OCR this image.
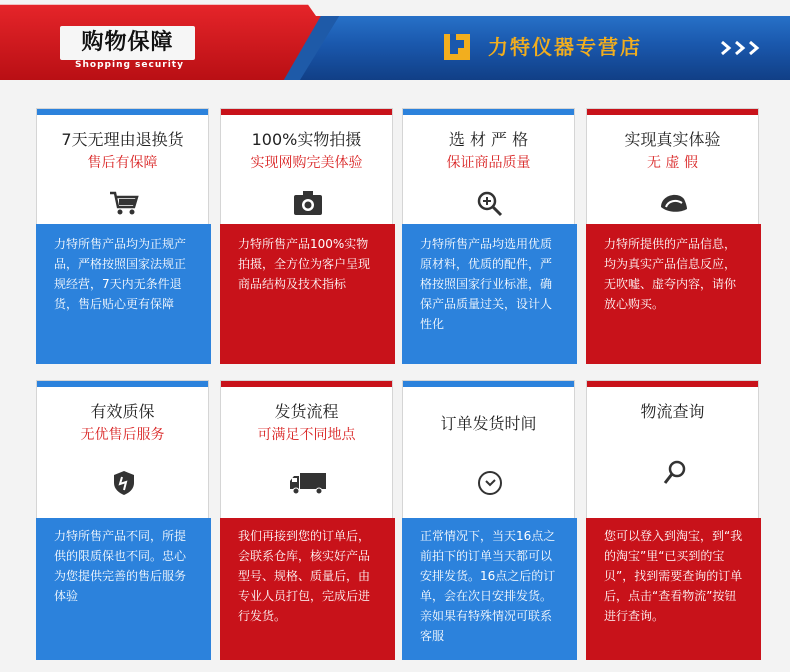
购物保障
Shopping security
力特仪器专营店
7天无理由退换货
售后有保障
力特所售产品均为正规产品，严格按照国家法规正规经营，7天内无条件退货，售后贴心更有保障
100%实物拍摄
实现网购完美体验
力特所售产品100%实物拍摄，全方位为客户呈现商品结构及技术指标
选 材 严 格
保证商品质量
力特所售产品均选用优质原材料，优质的配件，严格按照国家行业标准，确保产品质量过关，设计人性化
实现真实体验
无 虚 假
力特所提供的产品信息，均为真实产品信息反应，无吹嘘、虚夸内容，请你放心购买。
有效质保
无优售后服务
力特所售产品不同，所提供的限质保也不同。忠心为您提供完善的售后服务体验
发货流程
可满足不同地点
我们再接到您的订单后，会联系仓库，核实好产品型号、规格、质量后，由专业人员打包，完成后进行发货。
订单发货时间
正常情况下，当天16点之前拍下的订单当天都可以安排发货。16点之后的订单，会在次日安排发货。亲如果有特殊情况可联系客服
物流查询
您可以登入到淘宝，到“我的淘宝”里“已买到的宝贝”，找到需要查询的订单后，点击“查看物流”按钮进行查询。
